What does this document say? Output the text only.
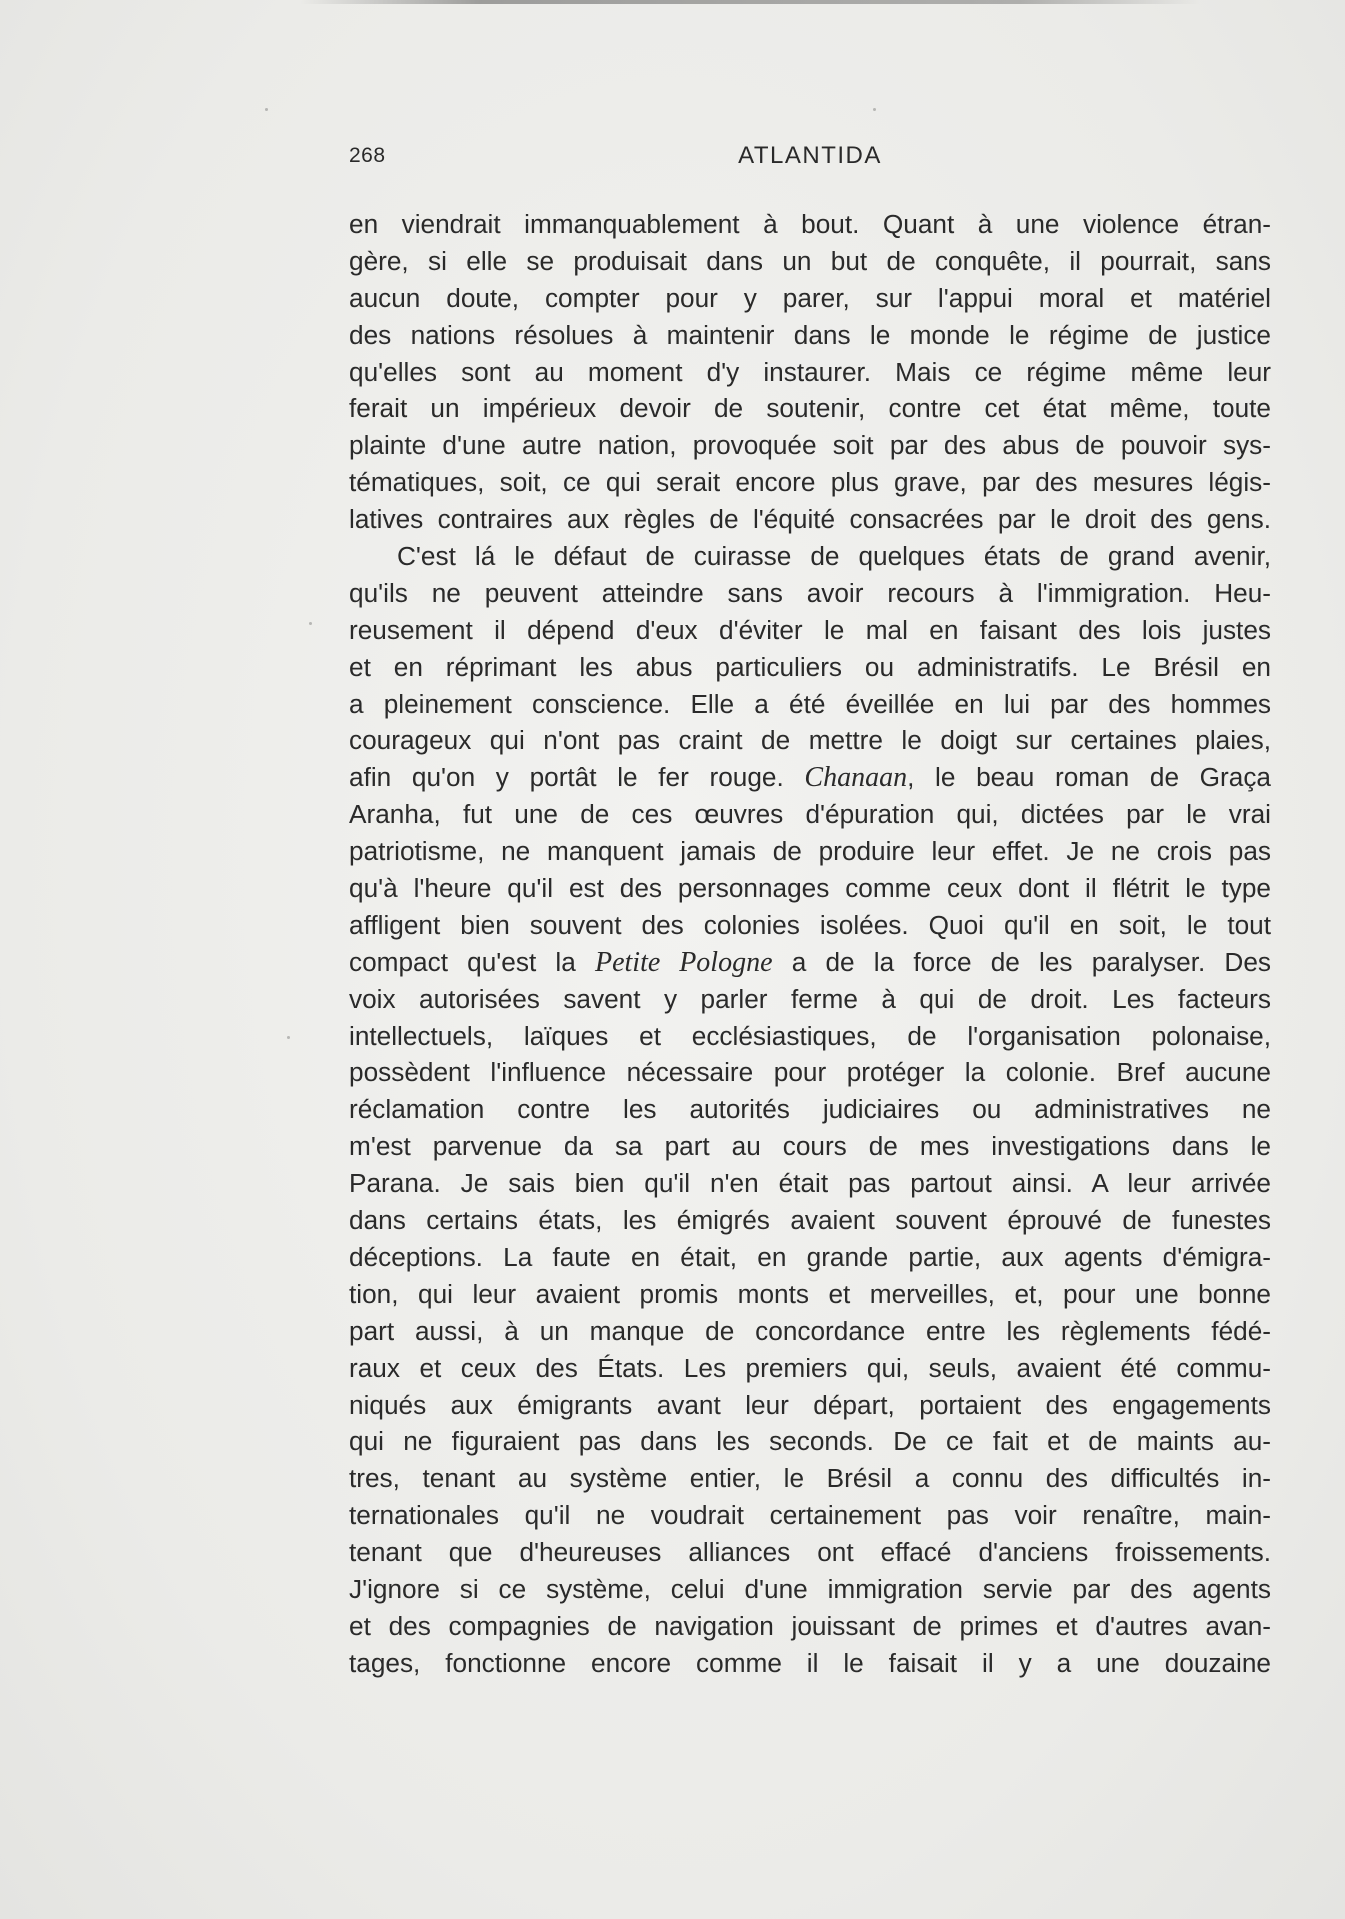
268	ATLANTIDA
en viendrait immanquablement à bout. Quant à une violence étran-
gère, si elle se produisait dans un but de conquête, il pourrait, sans
aucun doute, compter pour y parer, sur l'appui moral et matériel
des nations résolues à maintenir dans le monde le régime de justice
qu'elles sont au moment d'y instaurer. Mais ce régime même leur
ferait un impérieux devoir de soutenir, contre cet état même, toute
plainte d'une autre nation, provoquée soit par des abus de pouvoir sys-
tématiques, soit, ce qui serait encore plus grave, par des mesures légis-
latives contraires aux règles de l'équité consacrées par le droit des gens.
C'est lá le défaut de cuirasse de quelques états de grand avenir,
qu'ils ne peuvent atteindre sans avoir recours à l'immigration. Heu-
reusement il dépend d'eux d'éviter le mal en faisant des lois justes
et en réprimant les abus particuliers ou administratifs. Le Brésil en
a pleinement conscience. Elle a été éveillée en lui par des hommes
courageux qui n'ont pas craint de mettre le doigt sur certaines plaies,
afin qu'on y portât le fer rouge. Chanaan, le beau roman de Graça
Aranha, fut une de ces œuvres d'épuration qui, dictées par le vrai
patriotisme, ne manquent jamais de produire leur effet. Je ne crois pas
qu'à l'heure qu'il est des personnages comme ceux dont il flétrit le type
affligent bien souvent des colonies isolées. Quoi qu'il en soit, le tout
compact qu'est la Petite Pologne a de la force de les paralyser. Des
voix autorisées savent y parler ferme à qui de droit. Les facteurs
intellectuels, laïques et ecclésiastiques, de l'organisation polonaise,
possèdent l'influence nécessaire pour protéger la colonie. Bref aucune
réclamation contre les autorités judiciaires ou administratives ne
m'est parvenue da sa part au cours de mes investigations dans le
Parana. Je sais bien qu'il n'en était pas partout ainsi. A leur arrivée
dans certains états, les émigrés avaient souvent éprouvé de funestes
déceptions. La faute en était, en grande partie, aux agents d'émigra-
tion, qui leur avaient promis monts et merveilles, et, pour une bonne
part aussi, à un manque de concordance entre les règlements fédé-
raux et ceux des États. Les premiers qui, seuls, avaient été commu-
niqués aux émigrants avant leur départ, portaient des engagements
qui ne figuraient pas dans les seconds. De ce fait et de maints au-
tres, tenant au système entier, le Brésil a connu des difficultés in-
ternationales qu'il ne voudrait certainement pas voir renaître, main-
tenant que d'heureuses alliances ont effacé d'anciens froissements.
J'ignore si ce système, celui d'une immigration servie par des agents
et des compagnies de navigation jouissant de primes et d'autres avan-
tages, fonctionne encore comme il le faisait il y a une douzaine
